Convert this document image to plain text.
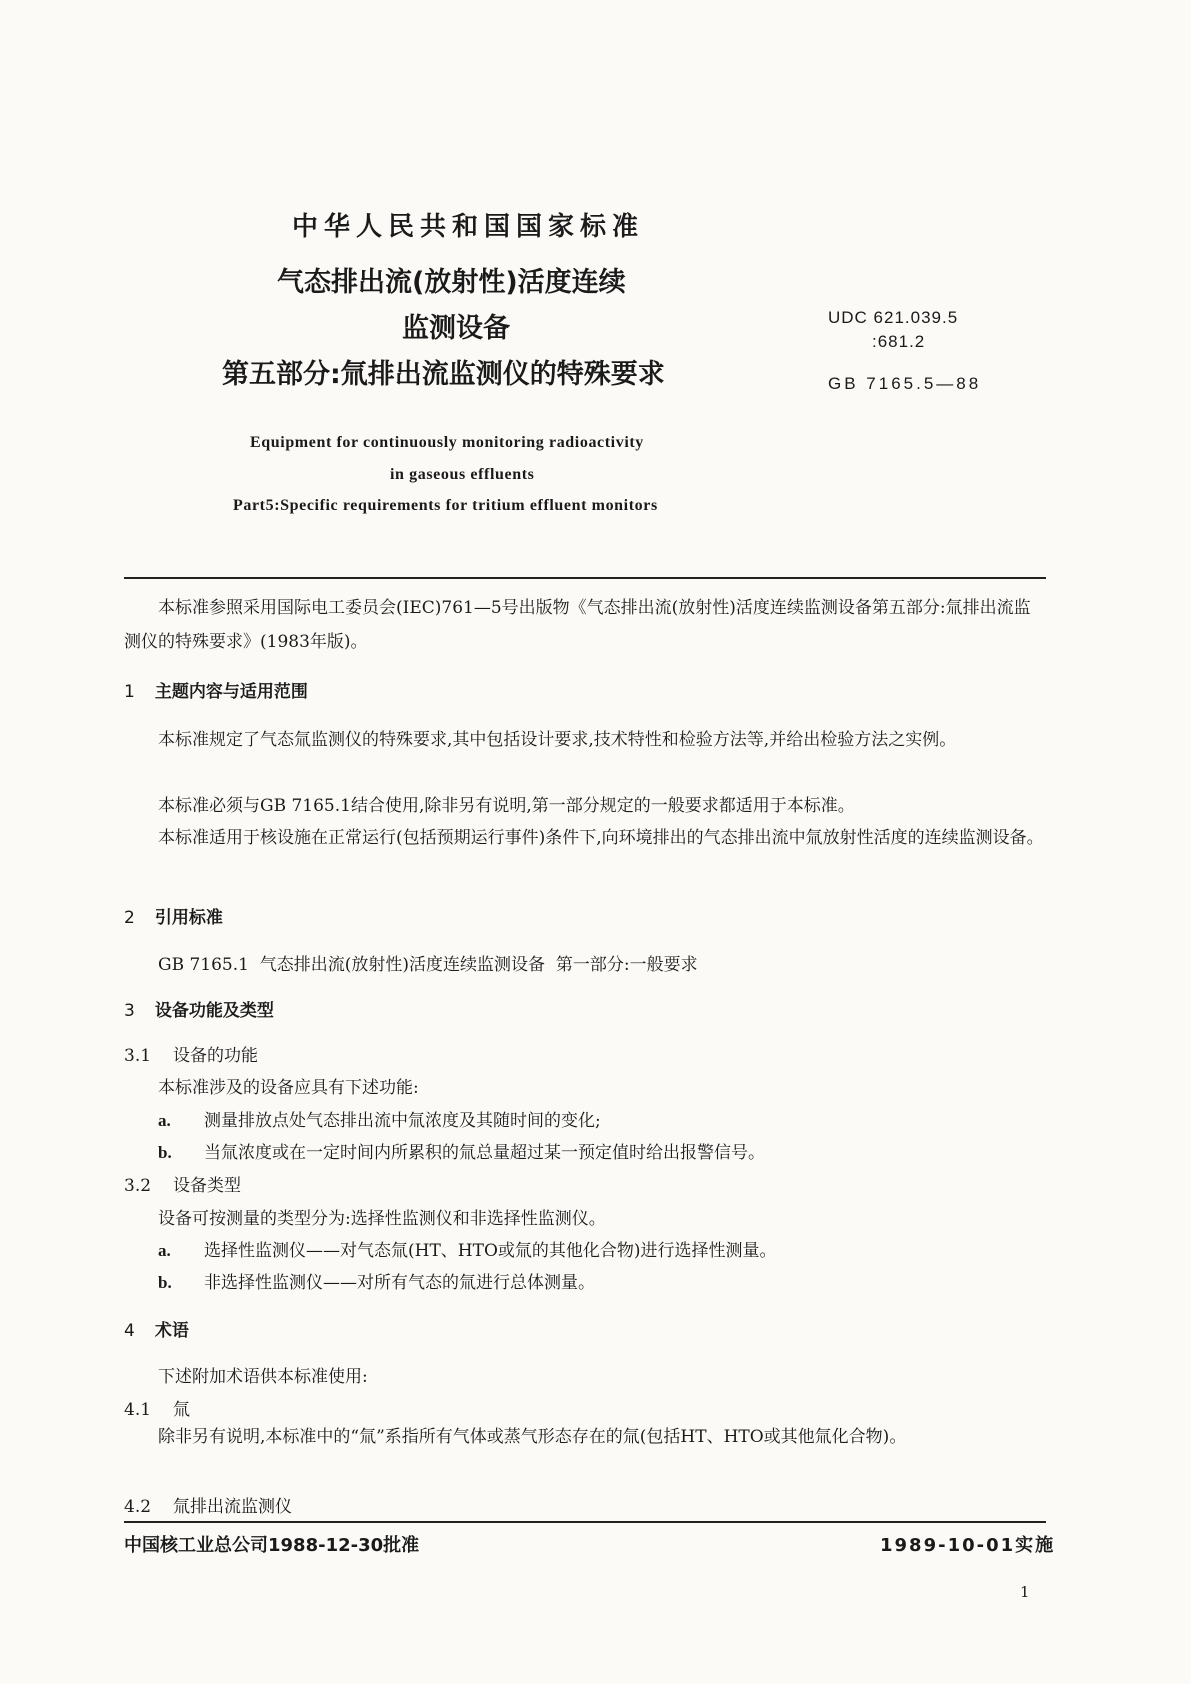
中华人民共和国国家标准
气态排出流(放射性)活度连续
监测设备
第五部分:氚排出流监测仪的特殊要求
UDC 621.039.5
:681.2
GB 7165.5—88
Equipment for continuously monitoring radioactivity
in gaseous effluents
Part5:Specific requirements for tritium effluent monitors
本标准参照采用国际电工委员会(IEC)761—5号出版物《气态排出流(放射性)活度连续监测设备第五部分:氚排出流监测仪的特殊要求》(1983年版)。
1 主题内容与适用范围
本标准规定了气态氚监测仪的特殊要求,其中包括设计要求,技术特性和检验方法等,并给出检验方法之实例。
本标准必须与GB 7165.1结合使用,除非另有说明,第一部分规定的一般要求都适用于本标准。
本标准适用于核设施在正常运行(包括预期运行事件)条件下,向环境排出的气态排出流中氚放射性活度的连续监测设备。
2 引用标准
GB 7165.1  气态排出流(放射性)活度连续监测设备  第一部分:一般要求
3 设备功能及类型
3.1 设备的功能
本标准涉及的设备应具有下述功能:
a. 测量排放点处气态排出流中氚浓度及其随时间的变化;
b. 当氚浓度或在一定时间内所累积的氚总量超过某一预定值时给出报警信号。
3.2 设备类型
设备可按测量的类型分为:选择性监测仪和非选择性监测仪。
a. 选择性监测仪——对气态氚(HT、HTO或氚的其他化合物)进行选择性测量。
b. 非选择性监测仪——对所有气态的氚进行总体测量。
4 术语
下述附加术语供本标准使用:
4.1 氚
除非另有说明,本标准中的“氚”系指所有气体或蒸气形态存在的氚(包括HT、HTO或其他氚化合物)。
4.2 氚排出流监测仪
中国核工业总公司1988-12-30批准	1989-10-01实施
1
